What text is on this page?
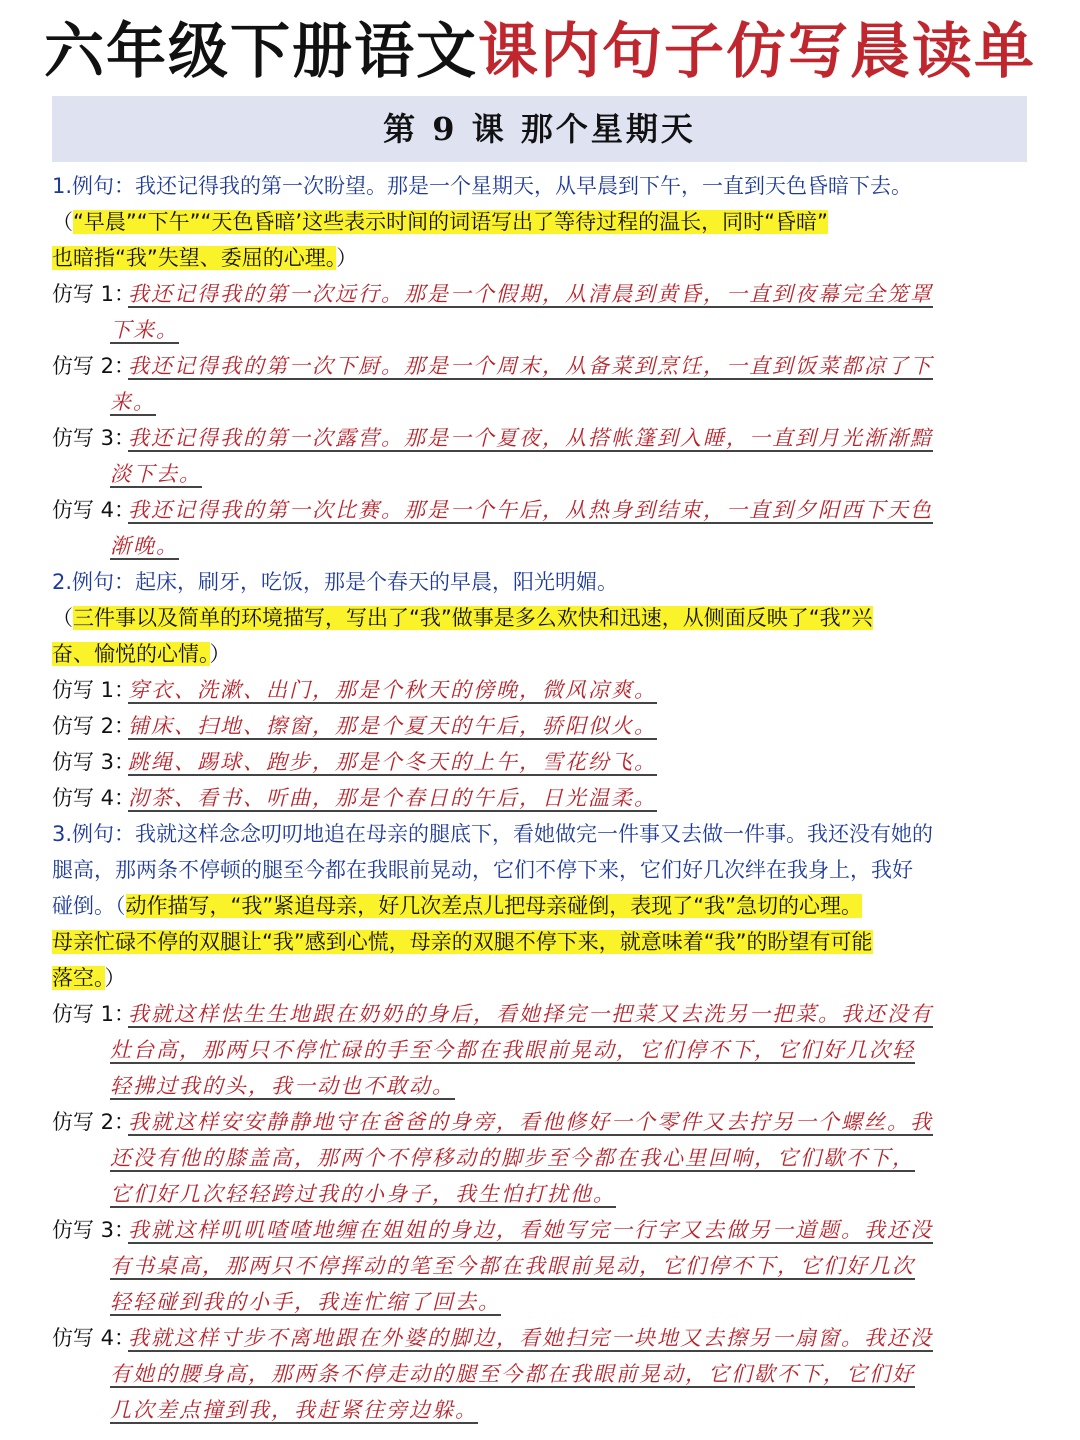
六年级下册语文课内句子仿写晨读单
第 9 课 那个星期天
1.例句：我还记得我的第一次盼望。那是一个星期天，从早晨到下午，一直到天色昏暗下去。
（“早晨”“下午”“天色昏暗’这些表示时间的词语写出了等待过程的温长，同时“昏暗”
也暗指“我”失望、委屈的心理。）
仿写 1：
我还记得我的第一次远行。那是一个假期，从清晨到黄昏，一直到夜幕完全笼罩
下来。
仿写 2：
我还记得我的第一次下厨。那是一个周末，从备菜到烹饪，一直到饭菜都凉了下
来。
仿写 3：
我还记得我的第一次露营。那是一个夏夜，从搭帐篷到入睡，一直到月光渐渐黯
淡下去。
仿写 4：
我还记得我的第一次比赛。那是一个午后，从热身到结束，一直到夕阳西下天色
渐晚。
2.例句：起床，刷牙，吃饭，那是个春天的早晨，阳光明媚。
（三件事以及简单的环境描写，写出了“我”做事是多么欢快和迅速，从侧面反映了“我”兴
奋、愉悦的心情。）
仿写 1：
穿衣、洗漱、出门，那是个秋天的傍晚，微风凉爽。
仿写 2：
铺床、扫地、擦窗，那是个夏天的午后，骄阳似火。
仿写 3：
跳绳、踢球、跑步，那是个冬天的上午，雪花纷飞。
仿写 4：
沏茶、看书、听曲，那是个春日的午后，日光温柔。
3.例句：我就这样念念叨叨地追在母亲的腿底下，看她做完一件事又去做一件事。我还没有她的
腿高，那两条不停顿的腿至今都在我眼前晃动，它们不停下来，它们好几次绊在我身上，我好
碰倒。（动作描写，“我”紧追母亲，好几次差点儿把母亲碰倒，表现了“我”急切的心理。
母亲忙碌不停的双腿让“我”感到心慌，母亲的双腿不停下来，就意味着“我”的盼望有可能
落空。）
仿写 1：
我就这样怯生生地跟在奶奶的身后，看她择完一把菜又去洗另一把菜。我还没有
灶台高，那两只不停忙碌的手至今都在我眼前晃动，它们停不下，它们好几次轻
轻拂过我的头，我一动也不敢动。
仿写 2：
我就这样安安静静地守在爸爸的身旁，看他修好一个零件又去拧另一个螺丝。我
还没有他的膝盖高，那两个不停移动的脚步至今都在我心里回响，它们歇不下，
它们好几次轻轻跨过我的小身子，我生怕打扰他。
仿写 3：
我就这样叽叽喳喳地缠在姐姐的身边，看她写完一行字又去做另一道题。我还没
有书桌高，那两只不停挥动的笔至今都在我眼前晃动，它们停不下，它们好几次
轻轻碰到我的小手，我连忙缩了回去。
仿写 4：
我就这样寸步不离地跟在外婆的脚边，看她扫完一块地又去擦另一扇窗。我还没
有她的腰身高，那两条不停走动的腿至今都在我眼前晃动，它们歇不下，它们好
几次差点撞到我，我赶紧往旁边躲。
